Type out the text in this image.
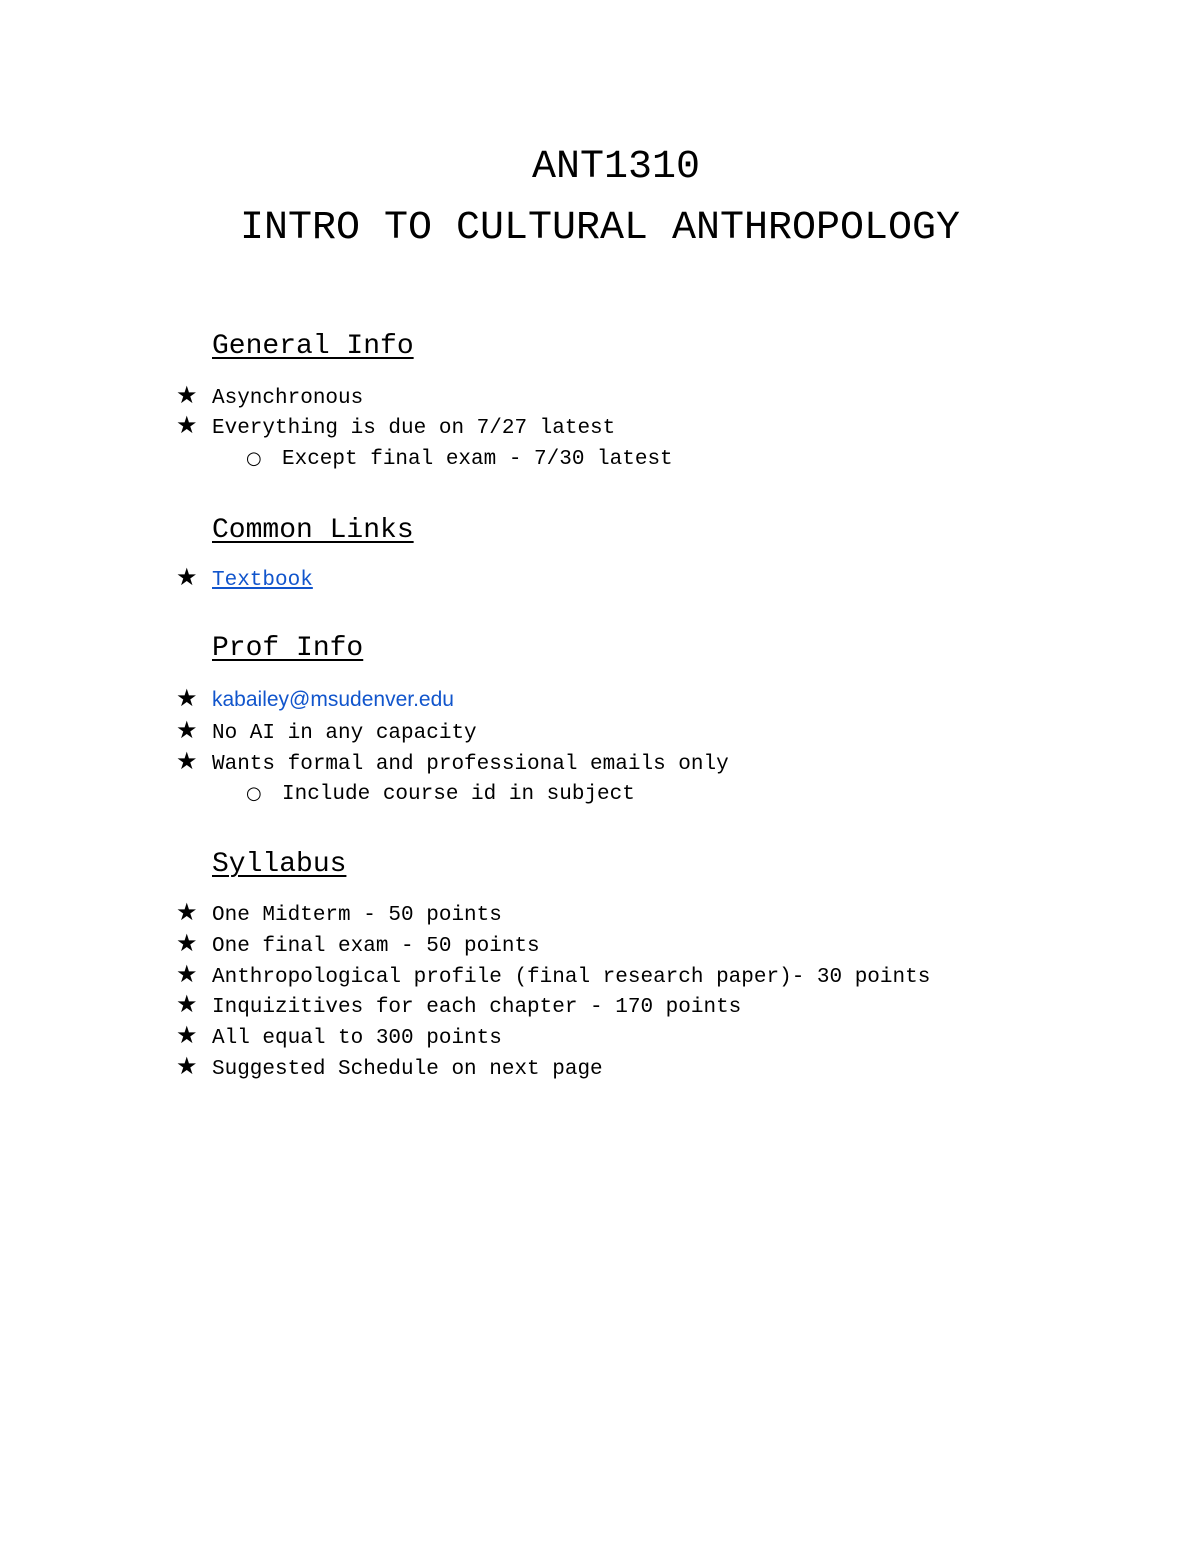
ANT1310
INTRO TO CULTURAL ANTHROPOLOGY
General Info
★ Asynchronous
★ Everything is due on 7/27 latest
○ Except final exam - 7/30 latest
Common Links
★ Textbook
Prof Info
★ kabailey@msudenver.edu
★ No AI in any capacity
★ Wants formal and professional emails only
○ Include course id in subject
Syllabus
★ One Midterm - 50 points
★ One final exam - 50 points
★ Anthropological profile (final research paper)- 30 points
★ Inquizitives for each chapter - 170 points
★ All equal to 300 points
★ Suggested Schedule on next page
